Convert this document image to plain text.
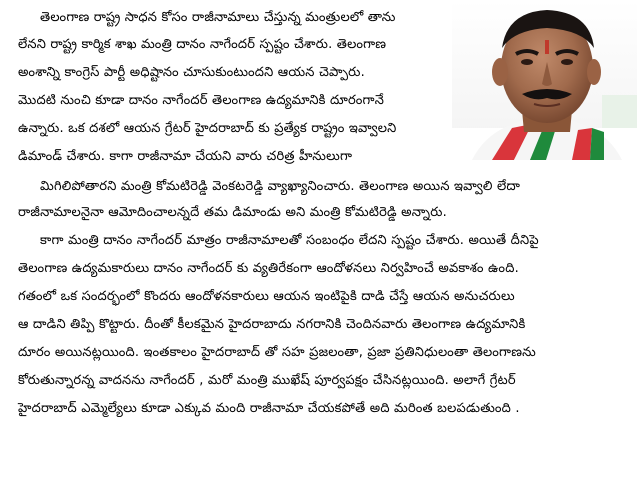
తెలంగాణ రాష్ట్ర సాధన కోసం రాజీనామాలు చేస్తున్న మంత్రులలో తాను
లేనని రాష్ట్ర కార్మిక శాఖ మంత్రి దానం నాగేందర్ స్పష్టం చేశారు. తెలంగాణ
అంశాన్ని కాంగ్రెస్ పార్టీ అధిష్టానం చూసుకుంటుందని ఆయన చెప్పారు.
మొదటి నుంచి కూడా దానం నాగేందర్ తెలంగాణ ఉద్యమానికి దూరంగానే
ఉన్నారు. ఒక దశలో ఆయన గ్రేటర్ హైదరాబాద్ కు ప్రత్యేక రాష్ట్రం ఇవ్వాలని
డిమాండ్ చేశారు. కాగా రాజీనామా చేయని వారు చరిత్ర హీనులుగా
మిగిలిపోతారని మంత్రి కోమటిరెడ్డి వెంకటరెడ్డి వ్యాఖ్యానించారు. తెలంగాణ అయిన ఇవ్వాలి లేదా
రాజీనామాలనైనా ఆమోదించాలన్నదే తమ డిమాండు అని మంత్రి కోమటిరెడ్డి అన్నారు.
కాగా మంత్రి దానం నాగేందర్ మాత్రం రాజీనామాలతో సంబంధం లేదని స్పష్టం చేశారు. అయితే దీనిపై
తెలంగాణ ఉద్యమకారులు దానం నాగేందర్ కు వ్యతిరేకంగా ఆందోళనలు నిర్వహించే అవకాశం ఉంది.
గతంలో ఒక సందర్భంలో కొందరు ఆందోళనకారులు ఆయన ఇంటిపైకి దాడి చేస్తే ఆయన అనుచరులు
ఆ దాడిని తిప్పి కొట్టారు. దీంతో కీలకమైన హైదరాబాదు నగరానికి చెందినవారు తెలంగాణ ఉద్యమానికి
దూరం అయినట్లయింది. ఇంతకాలం హైదరాబాద్ తో సహ ప్రజలంతా, ప్రజా ప్రతినిధులంతా తెలంగాణను
కోరుతున్నారన్న వాదనను నాగేందర్ , మరో మంత్రి ముఖేష్ పూర్వపక్షం చేసినట్లయింది. అలాగే గ్రేటర్
హైదరాబాద్ ఎమ్మెల్యేలు కూడా ఎక్కువ మంది రాజీనామా చేయకపోతే అది మరింత బలపడుతుంది .
